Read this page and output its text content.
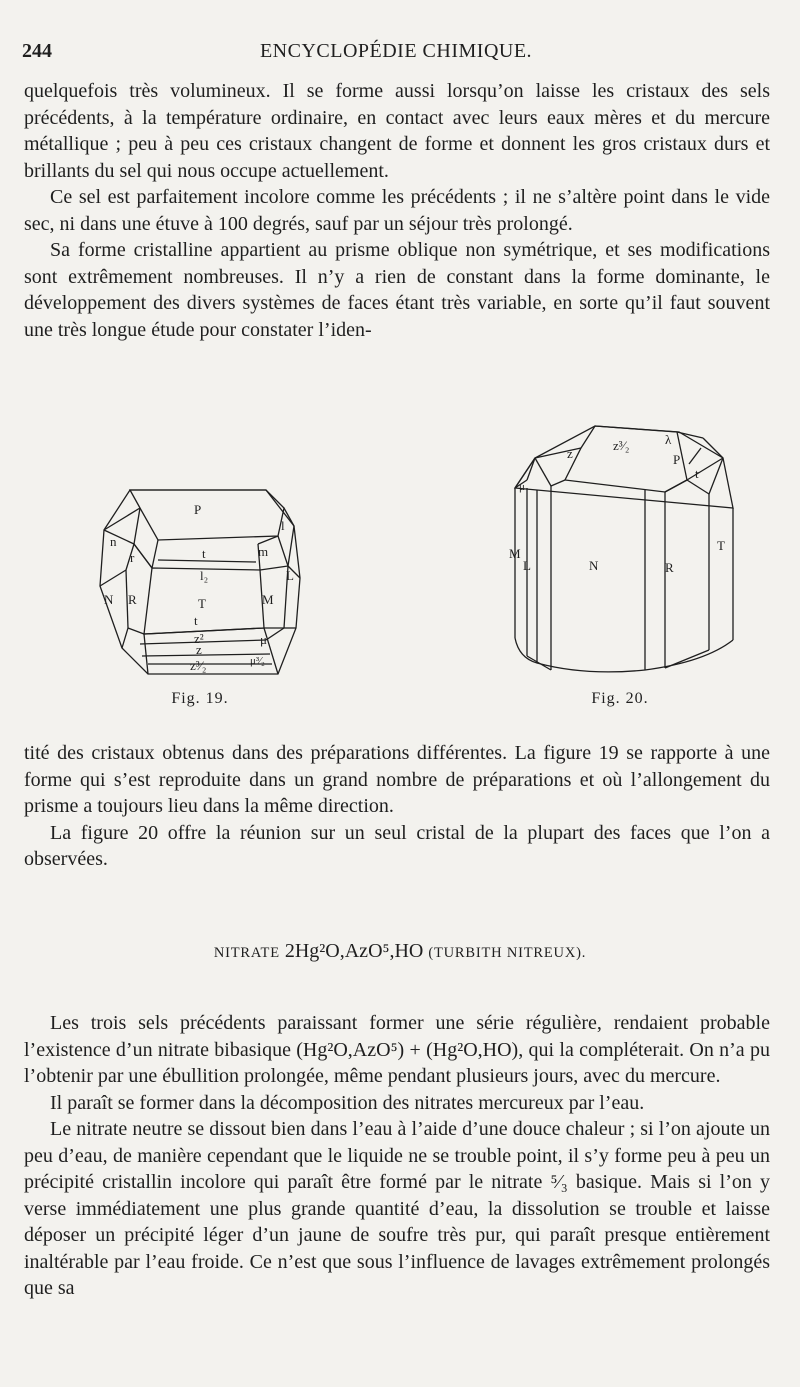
244	ENCYCLOPÉDIE CHIMIQUE.

quelquefois très volumineux. Il se forme aussi lorsqu’on laisse les cristaux des sels précédents, à la température ordinaire, en contact avec leurs eaux mères et du mercure métallique ; peu à peu ces cristaux changent de forme et donnent les gros cristaux durs et brillants du sel qui nous occupe actuellement.

Ce sel est parfaitement incolore comme les précédents ; il ne s’altère point dans le vide sec, ni dans une étuve à 100 degrés, sauf par un séjour très prolongé.

Sa forme cristalline appartient au prisme oblique non symétrique, et ses modifications sont extrêmement nombreuses. Il n’y a rien de constant dans la forme dominante, le développement des divers systèmes de faces étant très variable, en sorte qu’il faut souvent une très longue étude pour constater l’iden-

P
l
n
r	t	m
L
l₂
N R	T	M
t
z²
z
μ
z³⁄₂	μ³⁄₂
Fig. 19.
z³⁄₂	λ
P
z
t
μ
M
L	N	R
T
Fig. 20.

tité des cristaux obtenus dans des préparations différentes. La figure 19 se rapporte à une forme qui s’est reproduite dans un grand nombre de préparations et où l’allongement du prisme a toujours lieu dans la même direction.

La figure 20 offre la réunion sur un seul cristal de la plupart des faces que l’on a observées.

NITRATE 2Hg²O,AzO⁵,HO (TURBITH NITREUX).

Les trois sels précédents paraissant former une série régulière, rendaient probable l’existence d’un nitrate bibasique (Hg²O,AzO⁵) + (Hg²O,HO), qui la compléterait. On n’a pu l’obtenir par une ébullition prolongée, même pendant plusieurs jours, avec du mercure.

Il paraît se former dans la décomposition des nitrates mercureux par l’eau.

Le nitrate neutre se dissout bien dans l’eau à l’aide d’une douce chaleur ; si l’on ajoute un peu d’eau, de manière cependant que le liquide ne se trouble point, il s’y forme peu à peu un précipité cristallin incolore qui paraît être formé par le nitrate ⁵⁄₃ basique. Mais si l’on y verse immédiatement une plus grande quantité d’eau, la dissolution se trouble et laisse déposer un précipité léger d’un jaune de soufre très pur, qui paraît presque entièrement inaltérable par l’eau froide. Ce n’est que sous l’influence de lavages extrêmement prolongés que sa
